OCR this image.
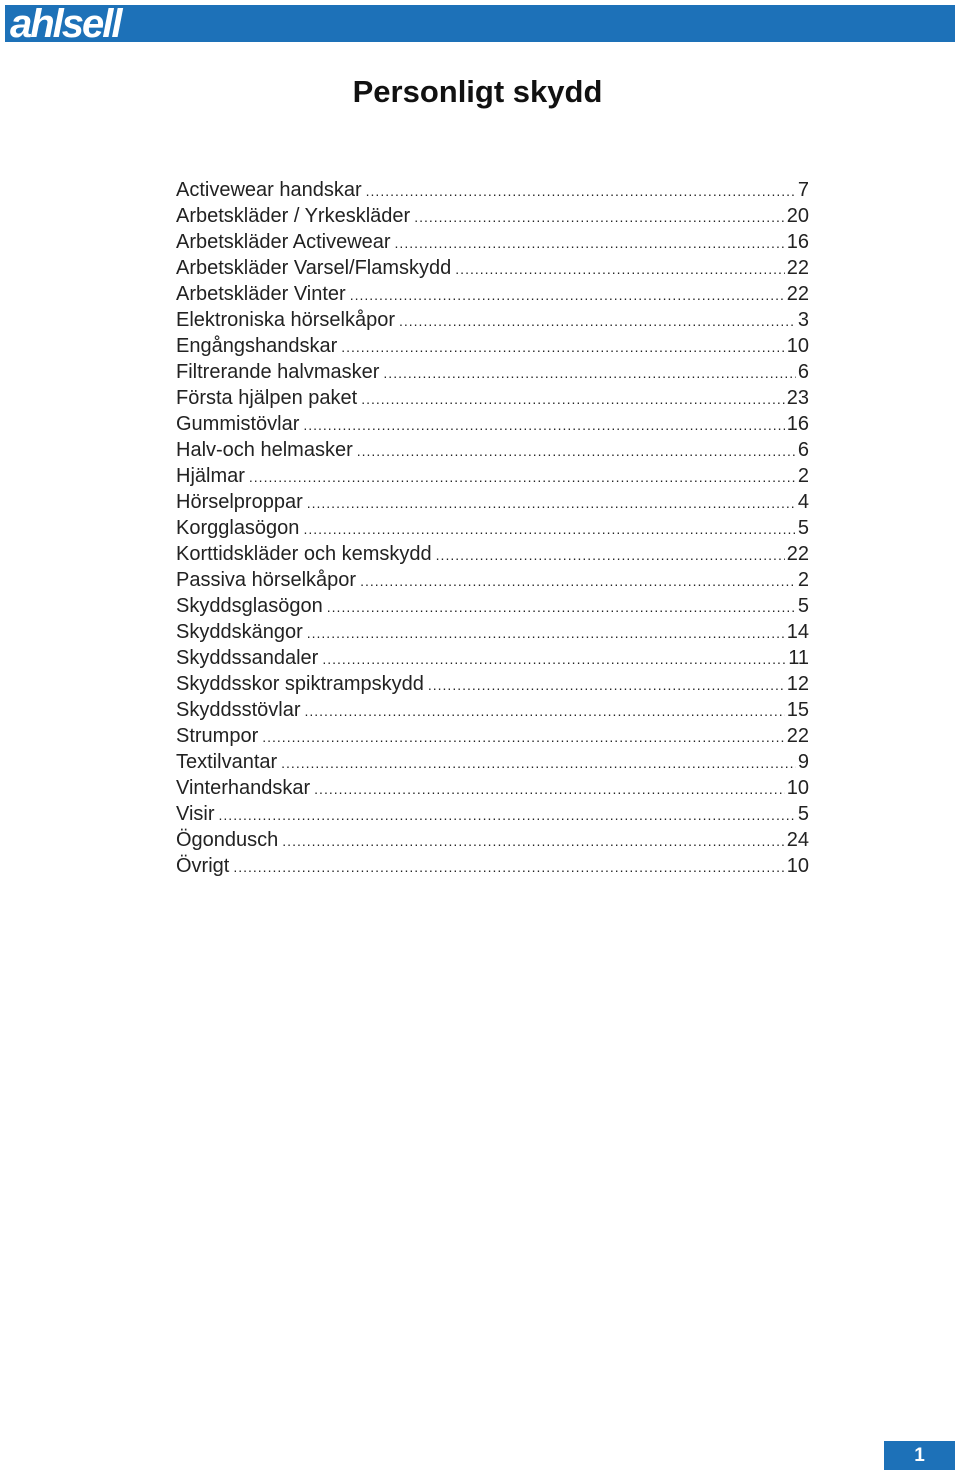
ahlsell
Personligt skydd
Activewear handskar .....	7
Arbetskläder / Yrkeskläder .....	20
Arbetskläder Activewear .....	16
Arbetskläder Varsel/Flamskydd .....	22
Arbetskläder Vinter .....	22
Elektroniska hörselkåpor .....	3
Engångshandskar .....	10
Filtrerande halvmasker .....	6
Första hjälpen paket .....	23
Gummistövlar .....	16
Halv-och helmasker .....	6
Hjälmar .....	2
Hörselproppar .....	4
Korgglasögon .....	5
Korttidskläder och kemskydd .....	22
Passiva hörselkåpor .....	2
Skyddsglasögon .....	5
Skyddskängor .....	14
Skyddssandaler .....	11
Skyddsskor spiktrampskydd .....	12
Skyddsstövlar .....	15
Strumpor .....	22
Textilvantar .....	9
Vinterhandskar .....	10
Visir .....	5
Ögondusch .....	24
Övrigt .....	10
1
